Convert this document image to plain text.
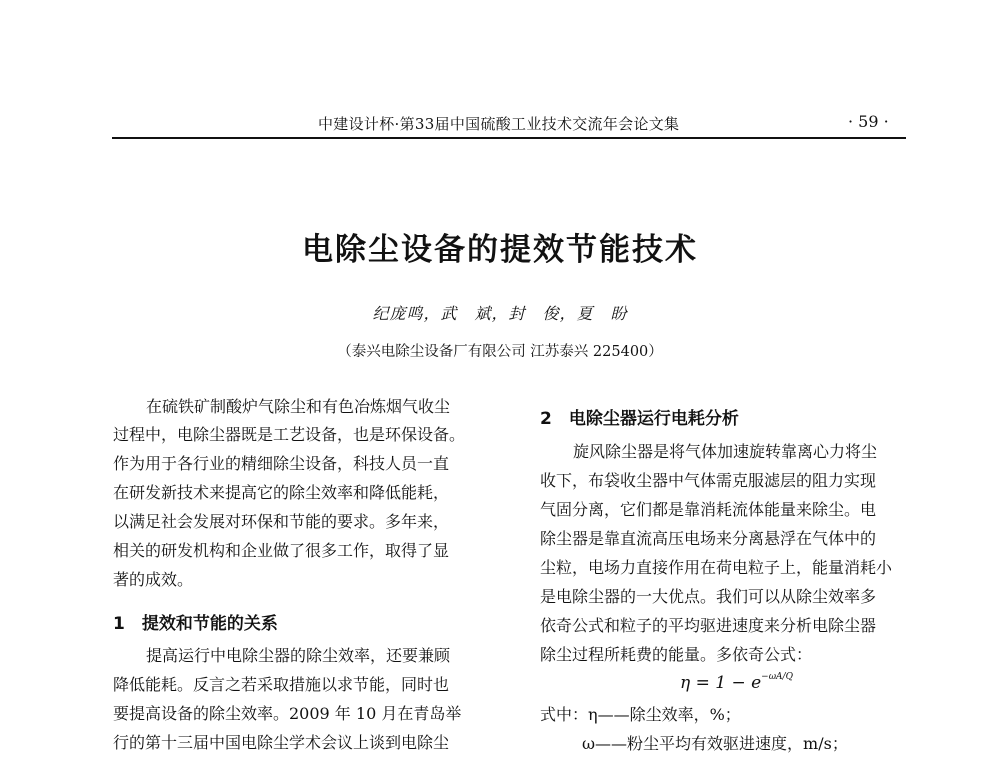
中建设计杯·第33届中国硫酸工业技术交流年会论文集	· 59 ·
电除尘设备的提效节能技术
纪庞鸣，武　斌，封　俊，夏　盼
（泰兴电除尘设备厂有限公司 江苏泰兴 225400）
在硫铁矿制酸炉气除尘和有色冶炼烟气收尘
过程中，电除尘器既是工艺设备，也是环保设备。
作为用于各行业的精细除尘设备，科技人员一直
在研发新技术来提高它的除尘效率和降低能耗，
以满足社会发展对环保和节能的要求。多年来，
相关的研发机构和企业做了很多工作，取得了显
著的成效。
1　提效和节能的关系
提高运行中电除尘器的除尘效率，还要兼顾
降低能耗。反言之若采取措施以求节能，同时也
要提高设备的除尘效率。2009 年 10 月在青岛举
行的第十三届中国电除尘学术会议上谈到电除尘
2　电除尘器运行电耗分析
旋风除尘器是将气体加速旋转靠离心力将尘
收下，布袋收尘器中气体需克服滤层的阻力实现
气固分离，它们都是靠消耗流体能量来除尘。电
除尘器是靠直流高压电场来分离悬浮在气体中的
尘粒，电场力直接作用在荷电粒子上，能量消耗小
是电除尘器的一大优点。我们可以从除尘效率多
依奇公式和粒子的平均驱进速度来分析电除尘器
除尘过程所耗费的能量。多依奇公式：
$\eta = 1 - e^{-\omega A/Q}$
式中：η——除尘效率，%；
ω——粉尘平均有效驱进速度，m/s；
